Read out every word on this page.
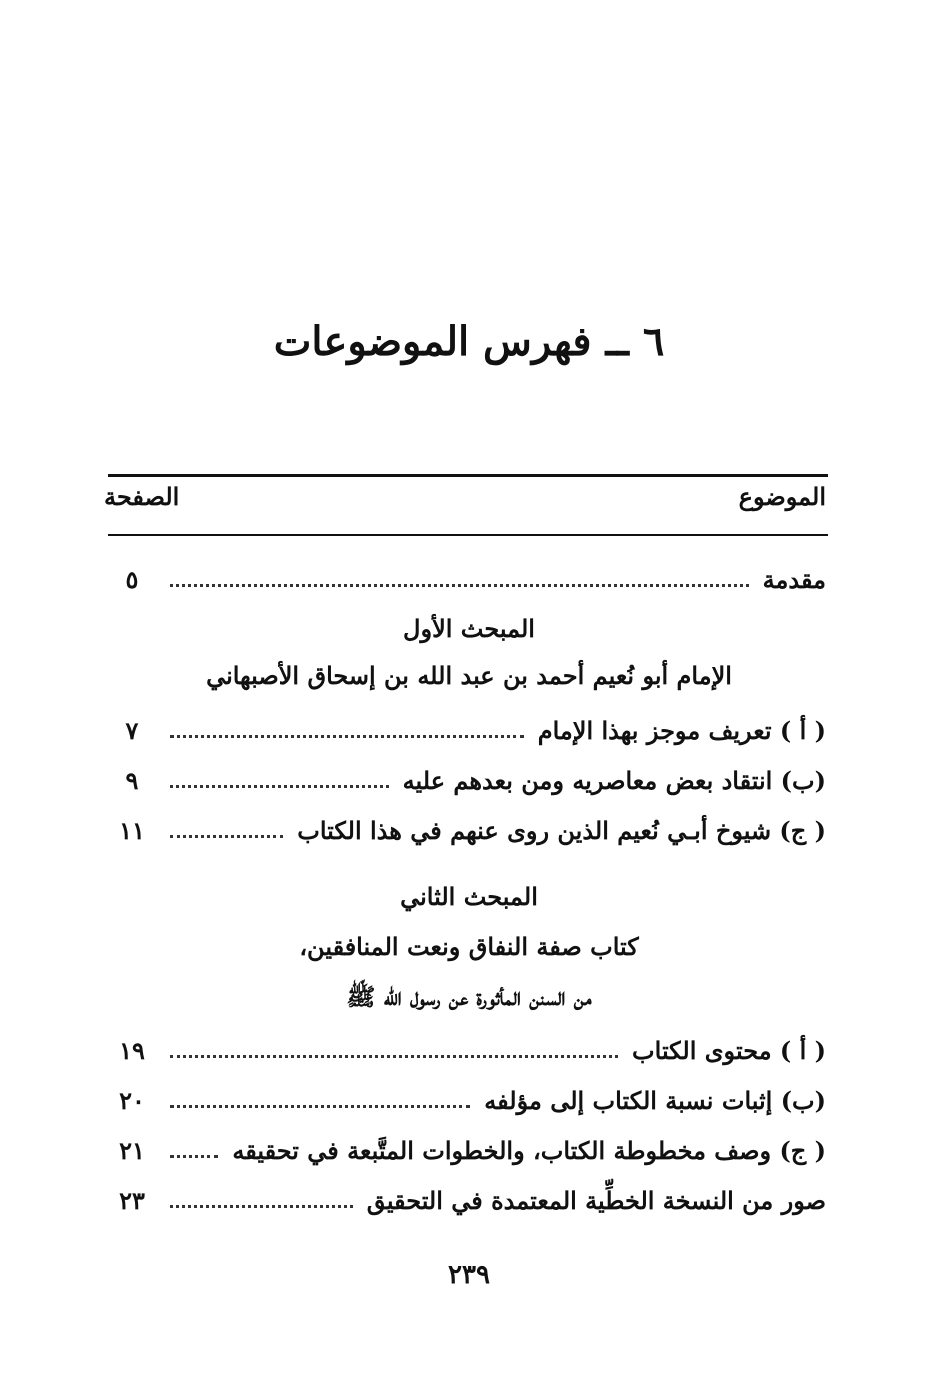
٦ ــ فهرس الموضوعات
الموضوع
الصفحة
مقدمة
٥
المبحث الأول
الإمام أبو نُعيم أحمد بن عبد الله بن إسحاق الأصبهاني
( أ ) تعريف موجز بهذا الإمام
٧
(ب) انتقاد بعض معاصريه ومن بعدهم عليه
٩
( ج) شيوخ أبـي نُعيم الذين روى عنهم في هذا الكتاب
١١
المبحث الثاني
كتاب صفة النفاق ونعت المنافقين،
من السنن المأثورة عن رسول الله ﷺ
( أ ) محتوى الكتاب
١٩
(ب) إثبات نسبة الكتاب إلى مؤلفه
٢٠
( ج) وصف مخطوطة الكتاب، والخطوات المتَّبعة في تحقيقه
٢١
صور من النسخة الخطِّية المعتمدة في التحقيق
٢٣
٢٣٩
